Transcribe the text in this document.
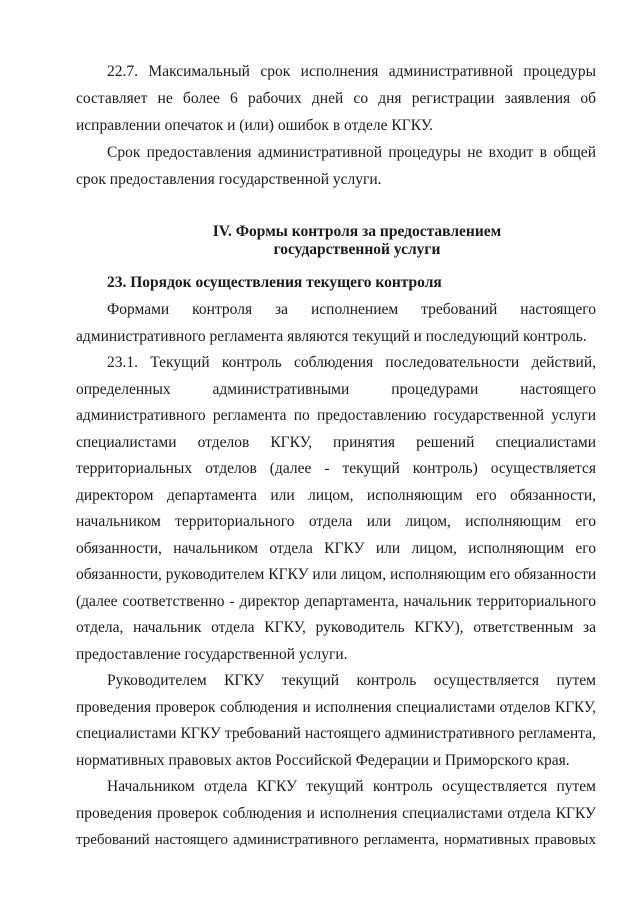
22.7. Максимальный срок исполнения административной процедуры
составляет не более 6 рабочих дней со дня регистрации заявления об
исправлении опечаток и (или) ошибок в отделе КГКУ.
Срок предоставления административной процедуры не входит в общей
срок предоставления государственной услуги.
IV. Формы контроля за предоставлением
государственной услуги
23. Порядок осуществления текущего контроля
Формами контроля за исполнением требований настоящего
административного регламента являются текущий и последующий контроль.
23.1. Текущий контроль соблюдения последовательности действий,
определенных административными процедурами настоящего
административного регламента по предоставлению государственной услуги
специалистами отделов КГКУ, принятия решений специалистами
территориальных отделов (далее - текущий контроль) осуществляется
директором департамента или лицом, исполняющим его обязанности,
начальником территориального отдела или лицом, исполняющим его
обязанности, начальником отдела КГКУ или лицом, исполняющим его
обязанности, руководителем КГКУ или лицом, исполняющим его обязанности
(далее соответственно - директор департамента, начальник территориального
отдела, начальник отдела КГКУ, руководитель КГКУ), ответственным за
предоставление государственной услуги.
Руководителем КГКУ текущий контроль осуществляется путем
проведения проверок соблюдения и исполнения специалистами отделов КГКУ,
специалистами КГКУ требований настоящего административного регламента,
нормативных правовых актов Российской Федерации и Приморского края.
Начальником отдела КГКУ текущий контроль осуществляется путем
проведения проверок соблюдения и исполнения специалистами отдела КГКУ
требований настоящего административного регламента, нормативных правовых
